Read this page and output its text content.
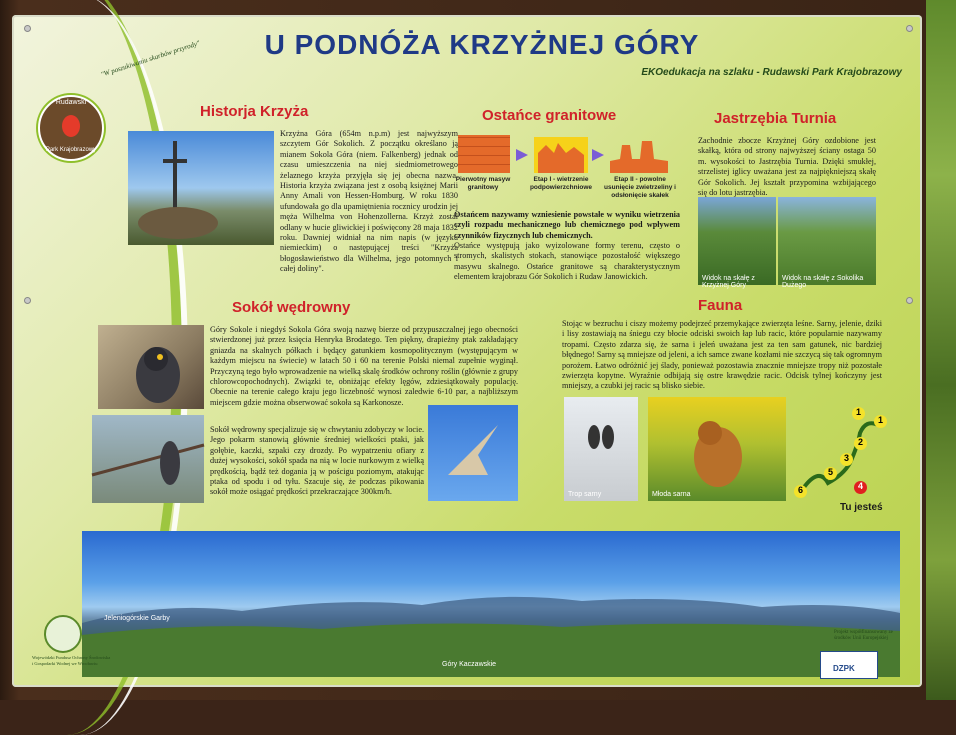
U PODNÓŻA KRZYŻNEJ GÓRY
EKOedukacja na szlaku - Rudawski Park Krajobrazowy
Rudawski
Park Krajobrazowy
"W poszukiwaniu skarbów przyrody"
Historja Krzyża
Krzyżna Góra (654m n.p.m) jest najwyższym szczytem Gór Sokolich. Z początku określano ją mianem Sokola Góra (niem. Falkenberg) jednak od czasu umieszczenia na niej siedmiometrowego żelaznego krzyża przyjęła się jej obecna nazwa. Historia krzyża związana jest z osobą księżnej Marii Anny Amali von Hessen-Homburg. W roku 1830 ufundowała go dla upamiętnienia rocznicy urodzin jej męża Wilhelma von Hohenzollerna. Krzyż został odlany w hucie gliwickiej i poświęcony 28 maja 1832 roku. Dawniej widniał na nim napis (w języku niemieckim) o następującej treści "Krzyża błogosławieństwo dla Wilhelma, jego potomnych i całej doliny".
Ostańce granitowe
Pierwotny masyw granitowy
Etap I - wietrzenie podpowierzchniowe
Etap II - powolne usunięcie zwietrzeliny i odsłonięcie skałek
Ostańcem nazywamy wzniesienie powstałe w wyniku wietrzenia czyli rozpadu mechanicznego lub chemicznego pod wpływem czynników fizycznych lub chemicznych.
Ostańce występują jako wyizolowane formy terenu, często o stromych, skalistych stokach, stanowiące pozostałość większego masywu skalnego. Ostańce granitowe są charakterystycznym elementem krajobrazu Gór Sokolich i Rudaw Janowickich.
Jastrzębia Turnia
Zachodnie zbocze Krzyżnej Góry ozdobione jest skałką, która od strony najwyższej ściany ostaga 50 m. wysokości to Jastrzębia Turnia. Dzięki smukłej, strzelistej iglicy uważana jest za najpiękniejszą skałę Gór Sokolich. Jej kształt przypomina wzbijającego się do lotu jastrzębia.
Widok na skałę z Krzyżnej Góry
Widok na skałę z Sokolika Dużego
Sokół wędrowny
Góry Sokole i niegdyś Sokola Góra swoją nazwę bierze od przypuszczalnej jego obecności stwierdzonej już przez księcia Henryka Brodatego. Ten piękny, drapieżny ptak zakładający gniazda na skalnych półkach i będący gatunkiem kosmopolitycznym (występującym w każdym miejscu na świecie) w latach 50 i 60 na terenie Polski niemal zupełnie wyginął. Przyczyną tego było wprowadzenie na wielką skalę środków ochrony roślin (głównie z grupy chlorowcopochodnych). Związki te, obniżając efekty lęgów, zdziesiątkowały populację. Obecnie na terenie całego kraju jego liczebność wynosi zaledwie 6-10 par, a najbliższym miejscem gdzie można obserwować sokoła są Karkonosze.
Sokół wędrowny specjalizuje się w chwytaniu zdobyczy w locie. Jego pokarm stanowią głównie średniej wielkości ptaki, jak gołębie, kaczki, szpaki czy drozdy. Po wypatrzeniu ofiary z dużej wysokości, sokół spada na nią w locie nurkowym z wielką prędkością, bądź też dogania ją w pościgu poziomym, atakując ptaka od spodu i od tyłu. Szacuje się, że podczas pikowania sokół może osiągać prędkości przekraczające 300km/h.
Fauna
Stojąc w bezruchu i ciszy możemy podejrzeć przemykające zwierzęta leśne. Sarny, jelenie, dziki i lisy zostawiają na śniegu czy błocie odciski swoich łap lub racic, które popularnie nazywamy tropami. Często zdarza się, że sarna i jeleń uważana jest za ten sam gatunek, nic bardziej błędnego! Sarny są mniejsze od jeleni, a ich samce zwane kozłami nie szczycą się tak ogromnym porożem. Łatwo odróżnić jej ślady, ponieważ pozostawia znacznie mniejsze tropy niż pozostałe zwierzęta kopytne. Wyraźnie odbijają się ostre krawędzie racic. Odcisk tylnej kończyny jest mniejszy, a czubki jej racic są blisko siebie.
Trop sarny	Młoda sarna
1
1
2
3
4
5
6
Tu jesteś
Jeleniogórskie Garby
Góry Kaczawskie
Wojewódzki Fundusz Ochrony Środowiska i Gospodarki Wodnej we Wrocławiu
Projekt współfinansowany ze środków Unii Europejskiej
DZPK
